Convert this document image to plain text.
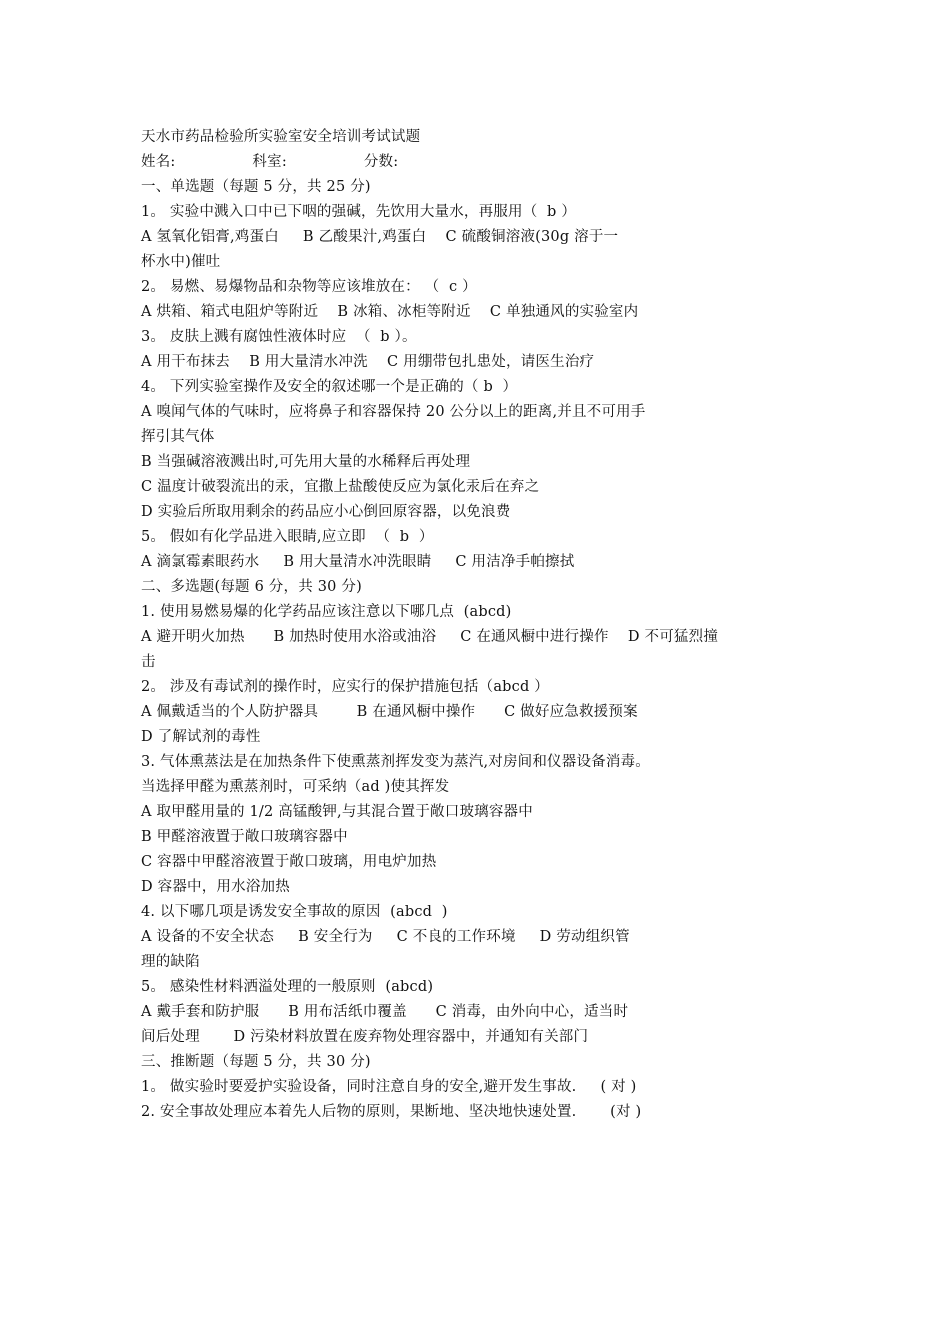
天水市药品检验所实验室安全培训考试试题
姓名:                科室:                分数:
一、单选题（每题 5 分，共 25 分)
1。 实验中溅入口中已下咽的强碱，先饮用大量水，再服用（  b ）
A 氢氧化铝膏,鸡蛋白     B 乙酸果汁,鸡蛋白    C 硫酸铜溶液(30g 溶于一
杯水中)催吐
2。 易燃、易爆物品和杂物等应该堆放在： （  c ）
A 烘箱、箱式电阻炉等附近    B 冰箱、冰柜等附近    C 单独通风的实验室内
3。 皮肤上溅有腐蚀性液体时应  （  b ）。
A 用干布抹去    B 用大量清水冲洗    C 用绷带包扎患处，请医生治疗
4。 下列实验室操作及安全的叙述哪一个是正确的（ b  ）
A 嗅闻气体的气味时，应将鼻子和容器保持 20 公分以上的距离,并且不可用手
挥引其气体
B 当强碱溶液溅出时,可先用大量的水稀释后再处理
C 温度计破裂流出的汞，宜撒上盐酸使反应为氯化汞后在弃之
D 实验后所取用剩余的药品应小心倒回原容器，以免浪费
5。 假如有化学品进入眼睛,应立即  （  b  ）
A 滴氯霉素眼药水     B 用大量清水冲洗眼睛     C 用洁净手帕擦拭
二、多选题(每题 6 分，共 30 分)
1. 使用易燃易爆的化学药品应该注意以下哪几点  (abcd)
A 避开明火加热      B 加热时使用水浴或油浴     C 在通风橱中进行操作    D 不可猛烈撞
击
2。 涉及有毒试剂的操作时，应实行的保护措施包括（abcd ）
A 佩戴适当的个人防护器具        B 在通风橱中操作      C 做好应急救援预案
D 了解试剂的毒性
3. 气体熏蒸法是在加热条件下使熏蒸剂挥发变为蒸汽,对房间和仪器设备消毒。
当选择甲醛为熏蒸剂时，可采纳（ad )使其挥发
A 取甲醛用量的 1/2 高锰酸钾,与其混合置于敞口玻璃容器中
B 甲醛溶液置于敞口玻璃容器中
C 容器中甲醛溶液置于敞口玻璃，用电炉加热
D 容器中，用水浴加热
4. 以下哪几项是诱发安全事故的原因  (abcd  )
A 设备的不安全状态     B 安全行为     C 不良的工作环境     D 劳动组织管
理的缺陷
5。 感染性材料洒溢处理的一般原则  (abcd)
A 戴手套和防护服      B 用布活纸巾覆盖      C 消毒，由外向中心，适当时
间后处理       D 污染材料放置在废弃物处理容器中，并通知有关部门
三、推断题（每题 5 分，共 30 分)
1。 做实验时要爱护实验设备，同时注意自身的安全,避开发生事故.     ( 对 )
2. 安全事故处理应本着先人后物的原则，果断地、坚决地快速处置.       (对 )
